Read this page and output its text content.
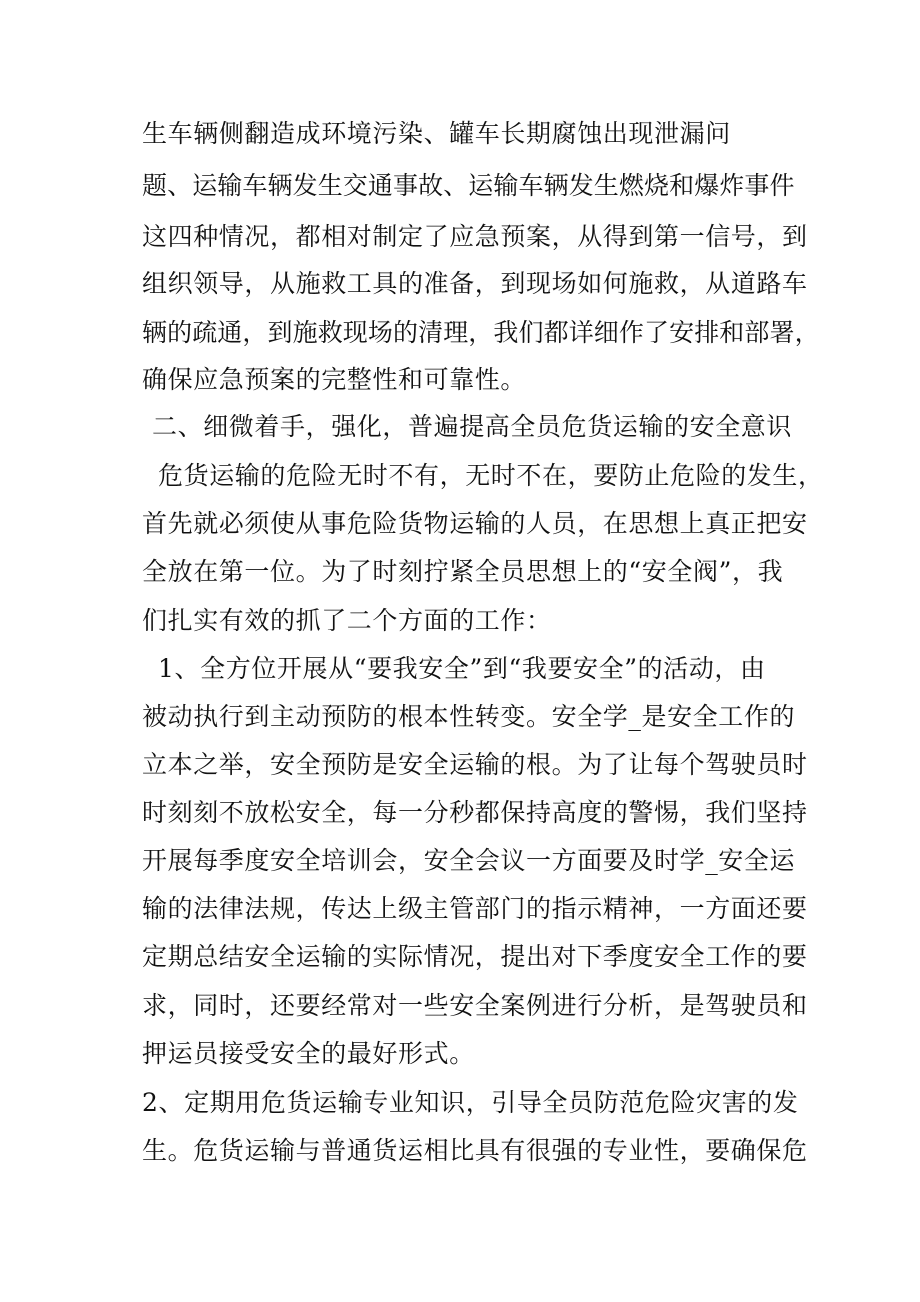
生车辆侧翻造成环境污染、罐车长期腐蚀出现泄漏问

题、运输车辆发生交通事故、运输车辆发生燃烧和爆炸事件

这四种情况，都相对制定了应急预案，从得到第一信号，到

组织领导，从施救工具的准备，到现场如何施救，从道路车

辆的疏通，到施救现场的清理，我们都详细作了安排和部署，

确保应急预案的完整性和可靠性。

二、细微着手，强化，普遍提高全员危货运输的安全意识

危货运输的危险无时不有，无时不在，要防止危险的发生，

首先就必须使从事危险货物运输的人员，在思想上真正把安

全放在第一位。为了时刻拧紧全员思想上的“安全阀”，我

们扎实有效的抓了二个方面的工作：

1、全方位开展从“要我安全”到“我要安全”的活动，由

被动执行到主动预防的根本性转变。安全学_是安全工作的

立本之举，安全预防是安全运输的根。为了让每个驾驶员时

时刻刻不放松安全，每一分秒都保持高度的警惕，我们坚持

开展每季度安全培训会，安全会议一方面要及时学_安全运

输的法律法规，传达上级主管部门的指示精神，一方面还要

定期总结安全运输的实际情况，提出对下季度安全工作的要

求，同时，还要经常对一些安全案例进行分析，是驾驶员和

押运员接受安全的最好形式。

2、定期用危货运输专业知识，引导全员防范危险灾害的发

生。危货运输与普通货运相比具有很强的专业性，要确保危
